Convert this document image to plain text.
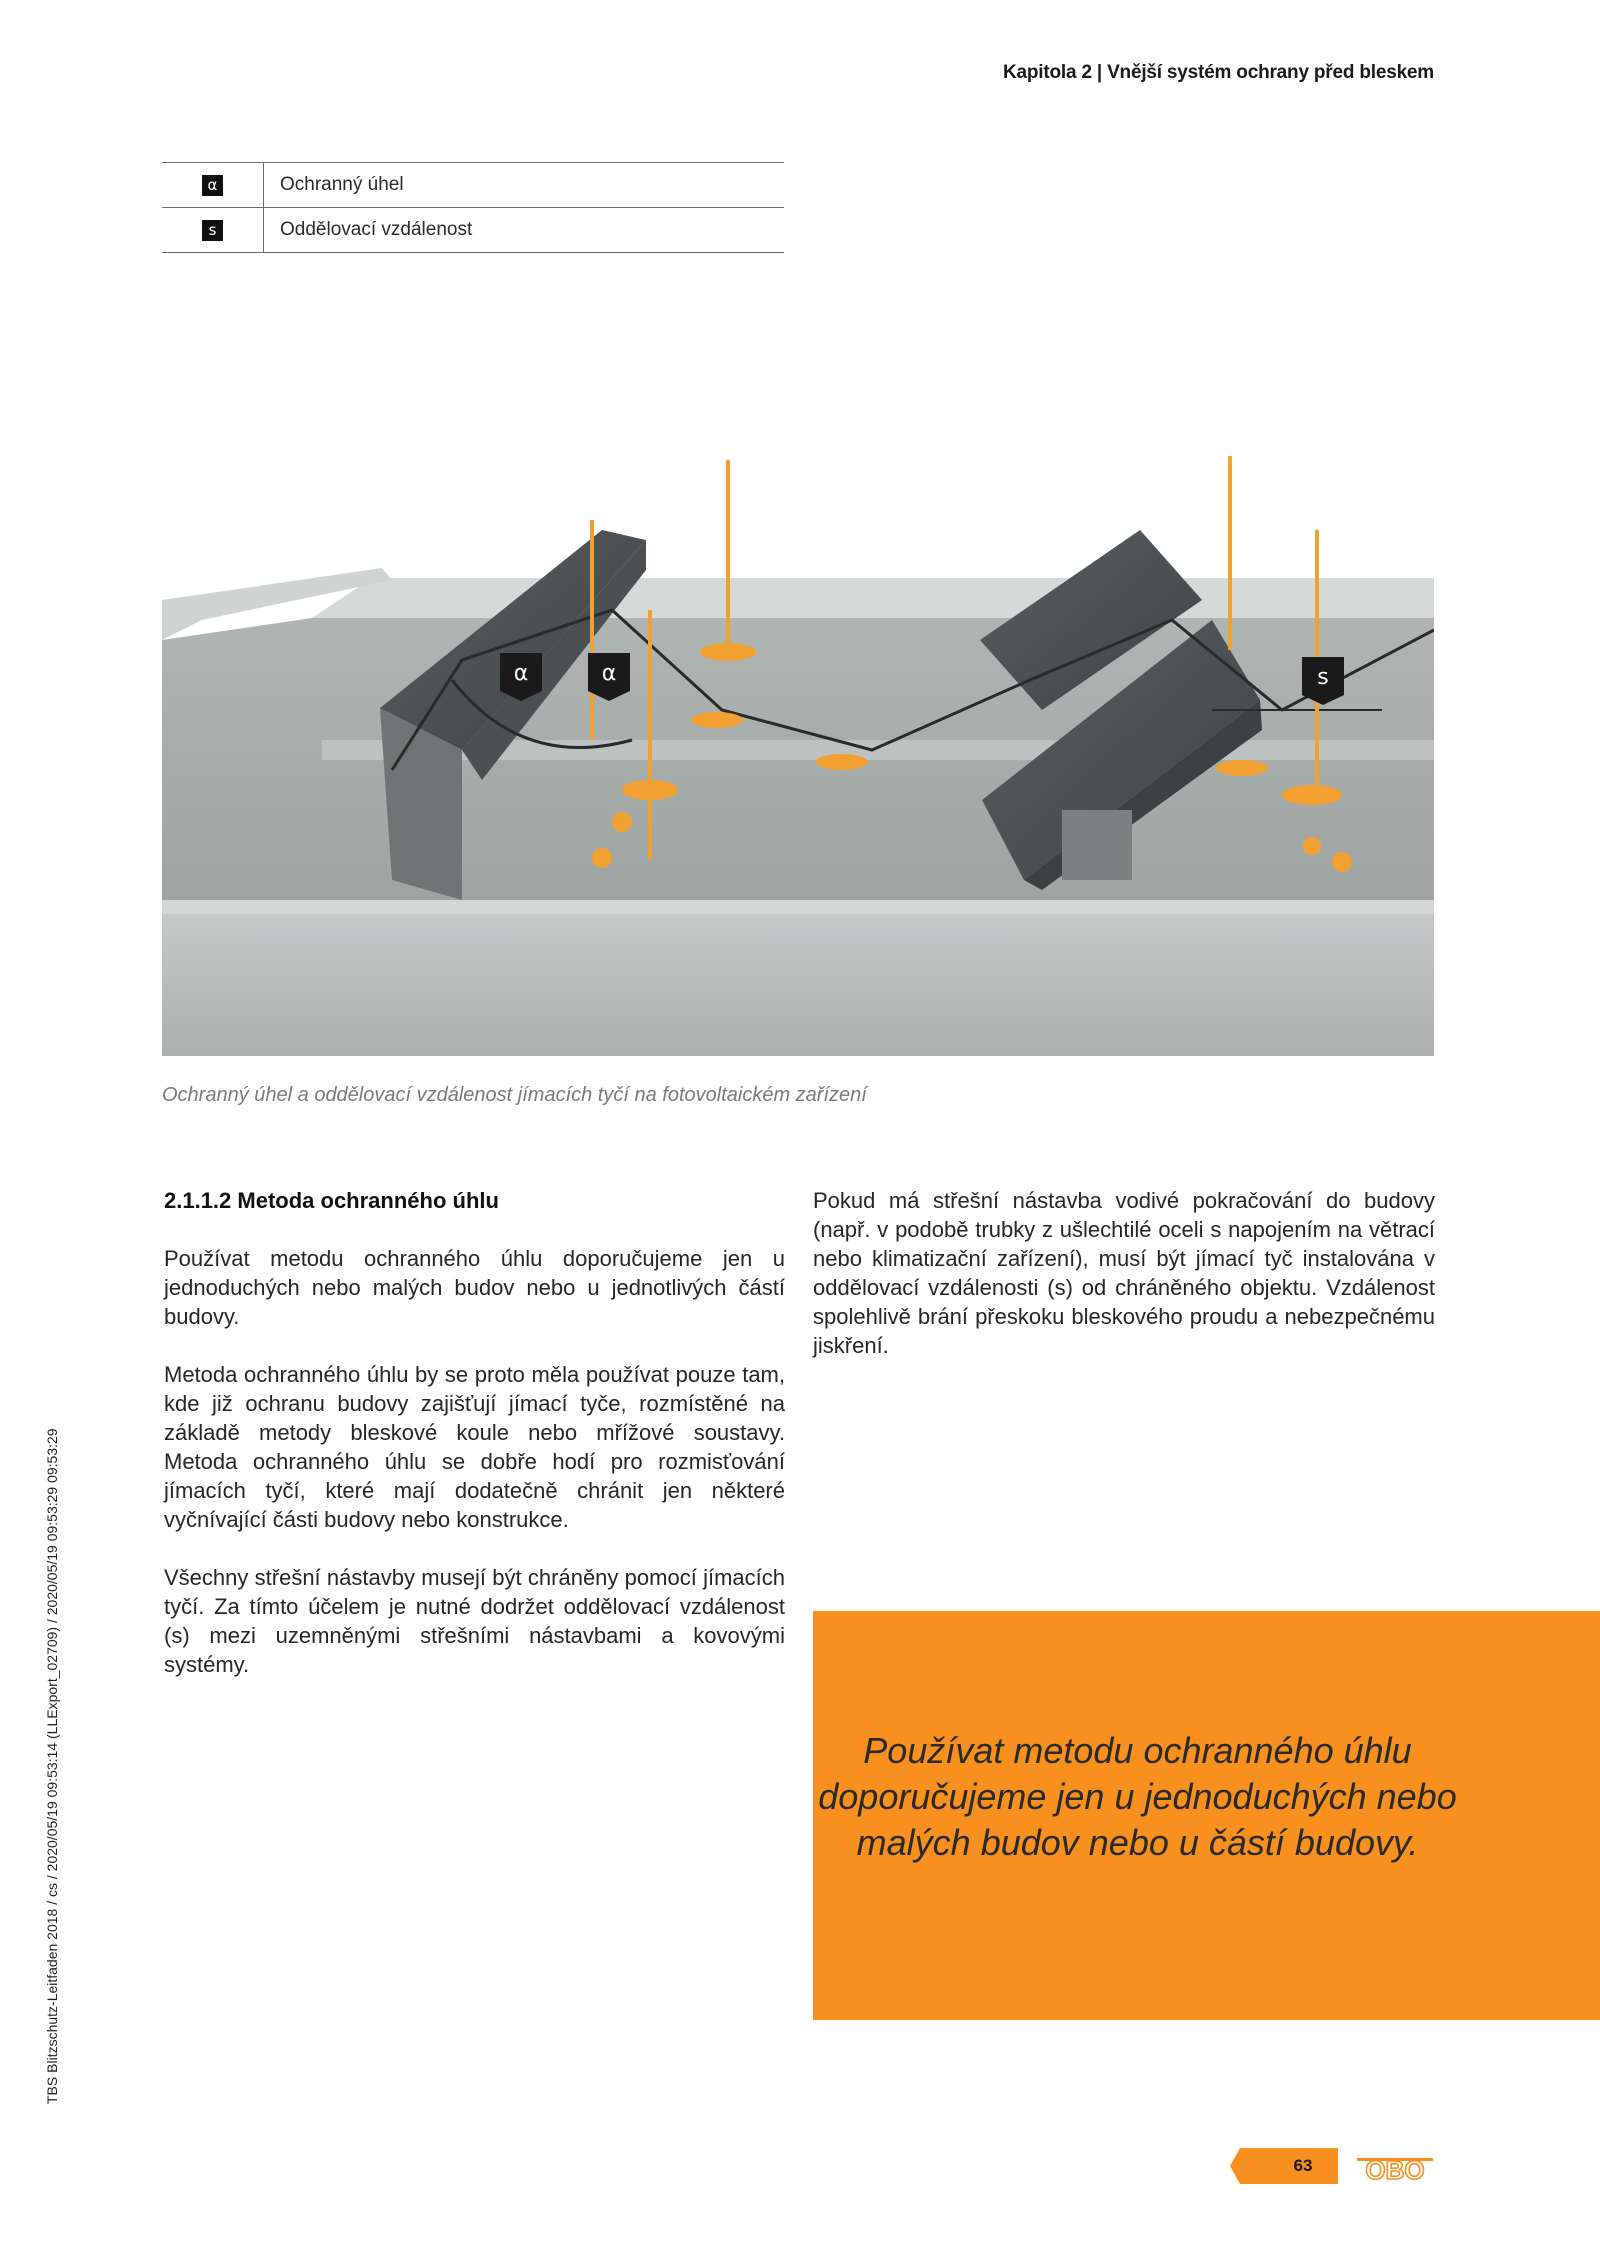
Kapitola 2 | Vnější systém ochrany před bleskem
α	Ochranný úhel
s	Oddělovací vzdálenost
α	α	s
Ochranný úhel a oddělovací vzdálenost jímacích tyčí na fotovoltaickém zařízení

2.1.1.2 Metoda ochranného úhlu

Používat metodu ochranného úhlu doporučujeme jen u jednoduchých nebo malých budov nebo u jednotlivých částí budovy.

Metoda ochranného úhlu by se proto měla používat pouze tam, kde již ochranu budovy zajišťují jímací tyče, rozmístěné na základě metody bleskové koule nebo mřížové soustavy. Metoda ochranného úhlu se dobře hodí pro rozmisťování jímacích tyčí, které mají dodatečně chránit jen některé vyčnívající části budovy nebo konstrukce.

Všechny střešní nástavby musejí být chráněny pomocí jímacích tyčí. Za tímto účelem je nutné dodržet oddělovací vzdálenost (s) mezi uzemněnými střešními nástavbami a kovovými systémy.

Pokud má střešní nástavba vodivé pokračování do budovy (např. v podobě trubky z ušlechtilé oceli s napojením na větrací nebo klimatizační zařízení), musí být jímací tyč instalována v oddělovací vzdálenosti (s) od chráněného objektu. Vzdálenost spolehlivě brání přeskoku bleskového proudu a nebezpečnému jiskření.

Používat metodu ochranného úhlu doporučujeme jen u jednoduchých nebo malých budov nebo u částí budovy.
TBS Blitzschutz-Leitfaden 2018 / cs / 2020/05/19 09:53:14 (LLExport_02709) / 2020/05/19 09:53:29 09:53:29
63	OBO
